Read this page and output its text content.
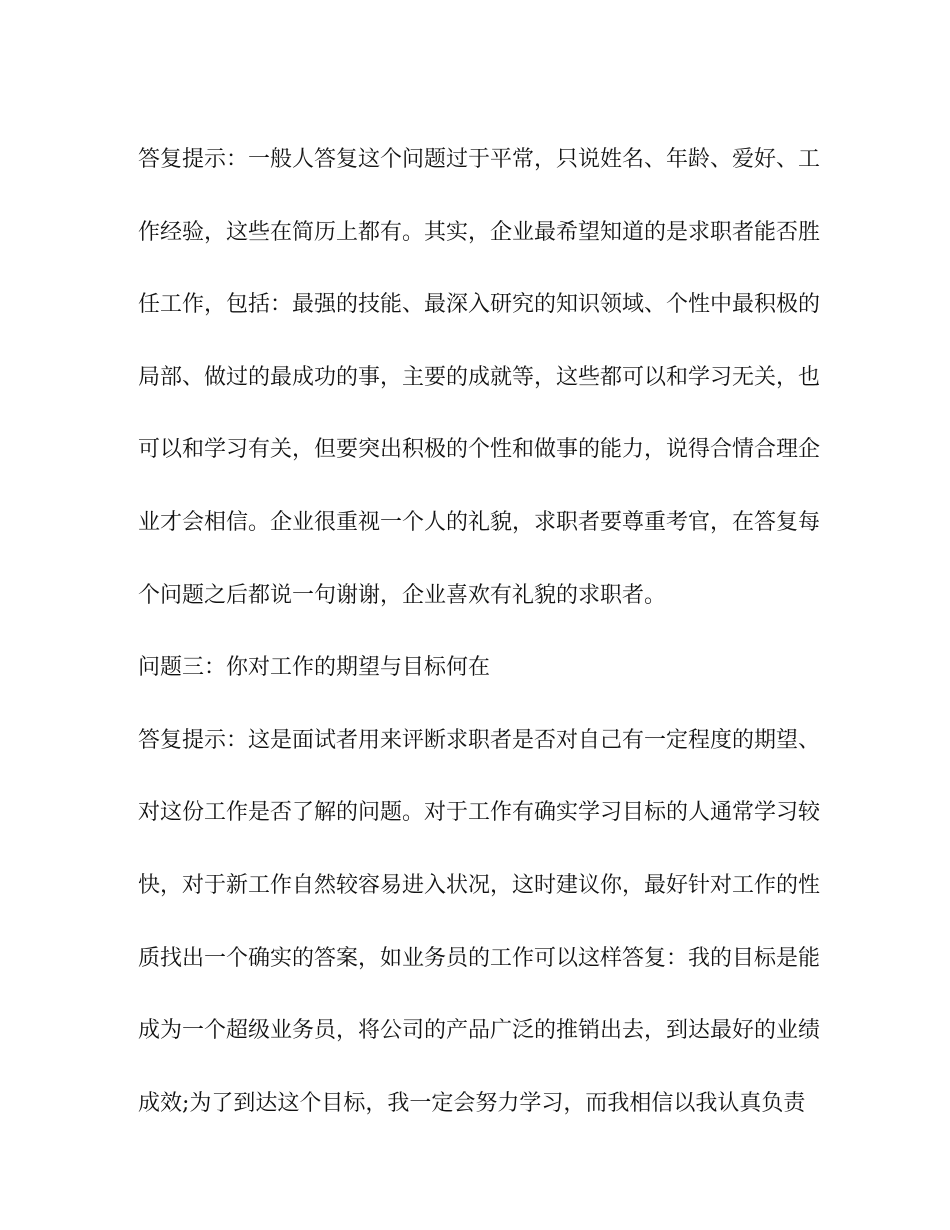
答复提示：一般人答复这个问题过于平常，只说姓名、年龄、爱好、工
作经验，这些在简历上都有。其实，企业最希望知道的是求职者能否胜
任工作，包括：最强的技能、最深入研究的知识领域、个性中最积极的
局部、做过的最成功的事，主要的成就等，这些都可以和学习无关，也
可以和学习有关，但要突出积极的个性和做事的能力，说得合情合理企
业才会相信。企业很重视一个人的礼貌，求职者要尊重考官，在答复每
个问题之后都说一句谢谢，企业喜欢有礼貌的求职者。
问题三：你对工作的期望与目标何在
答复提示：这是面试者用来评断求职者是否对自己有一定程度的期望、
对这份工作是否了解的问题。对于工作有确实学习目标的人通常学习较
快，对于新工作自然较容易进入状况，这时建议你，最好针对工作的性
质找出一个确实的答案，如业务员的工作可以这样答复：我的目标是能
成为一个超级业务员，将公司的产品广泛的推销出去，到达最好的业绩
成效;为了到达这个目标，我一定会努力学习，而我相信以我认真负责
